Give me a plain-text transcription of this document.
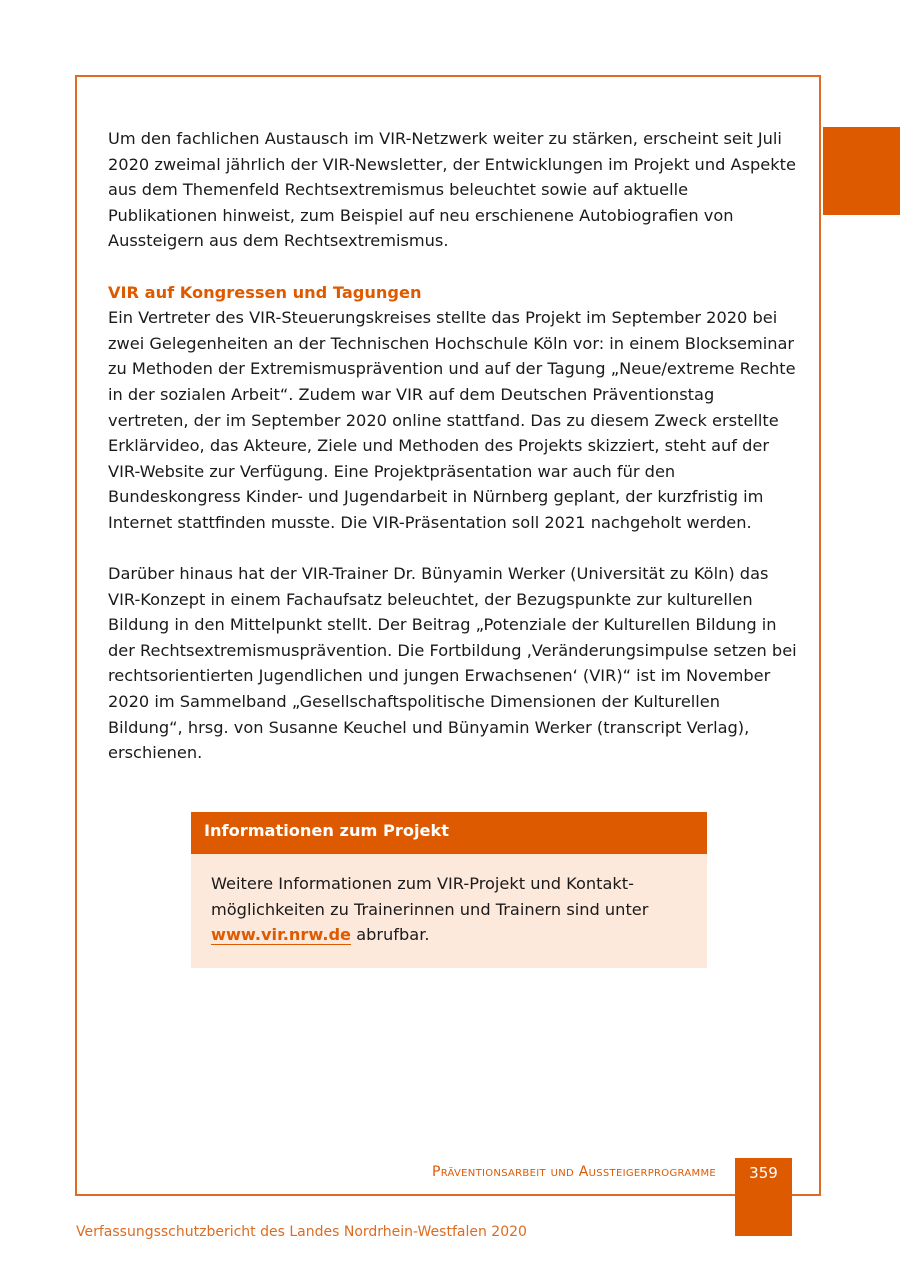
Um den fachlichen Austausch im VIR-Netzwerk weiter zu stärken, erscheint seit Juli 2020 zweimal jährlich der VIR-Newsletter, der Entwicklungen im Projekt und Aspekte aus dem Themenfeld Rechtsextremismus beleuchtet sowie auf aktuelle Publikationen hinweist, zum Beispiel auf neu erschienene Autobiografien von Aussteigern aus dem Rechtsextremismus.

VIR auf Kongressen und Tagungen

Ein Vertreter des VIR-Steuerungskreises stellte das Projekt im September 2020 bei zwei Gelegenheiten an der Technischen Hochschule Köln vor: in einem Blockseminar zu Methoden der Extremismusprävention und auf der Tagung „Neue/extreme Rechte in der sozialen Arbeit“. Zudem war VIR auf dem Deutschen Präventionstag vertreten, der im September 2020 online stattfand. Das zu diesem Zweck erstellte Erklärvideo, das Akteure, Ziele und Methoden des Projekts skizziert, steht auf der VIR-Website zur Verfügung. Eine Projektpräsentation war auch für den Bundeskongress Kinder- und Jugendarbeit in Nürnberg geplant, der kurzfristig im Internet stattfinden musste. Die VIR-Präsentation soll 2021 nachgeholt werden.

Darüber hinaus hat der VIR-Trainer Dr. Bünyamin Werker (Universität zu Köln) das VIR-Konzept in einem Fachaufsatz beleuchtet, der Bezugspunkte zur kulturellen Bildung in den Mittelpunkt stellt. Der Beitrag „Potenziale der Kulturellen Bildung in der Rechtsextremismusprävention. Die Fortbildung ‚Veränderungsimpulse setzen bei rechtsorientierten Jugendlichen und jungen Erwachsenen‘ (VIR)“ ist im November 2020 im Sammelband „Gesellschaftspolitische Dimensionen der Kulturellen Bildung“, hrsg. von Susanne Keuchel und Bünyamin Werker (transcript Verlag), erschienen.

Informationen zum Projekt
Weitere Informationen zum VIR-Projekt und Kontakt- möglichkeiten zu Trainerinnen und Trainern sind unter www.vir.nrw.de abrufbar.
Präventionsarbeit und Aussteigerprogramme	359
Verfassungsschutzbericht des Landes Nordrhein-Westfalen 2020
